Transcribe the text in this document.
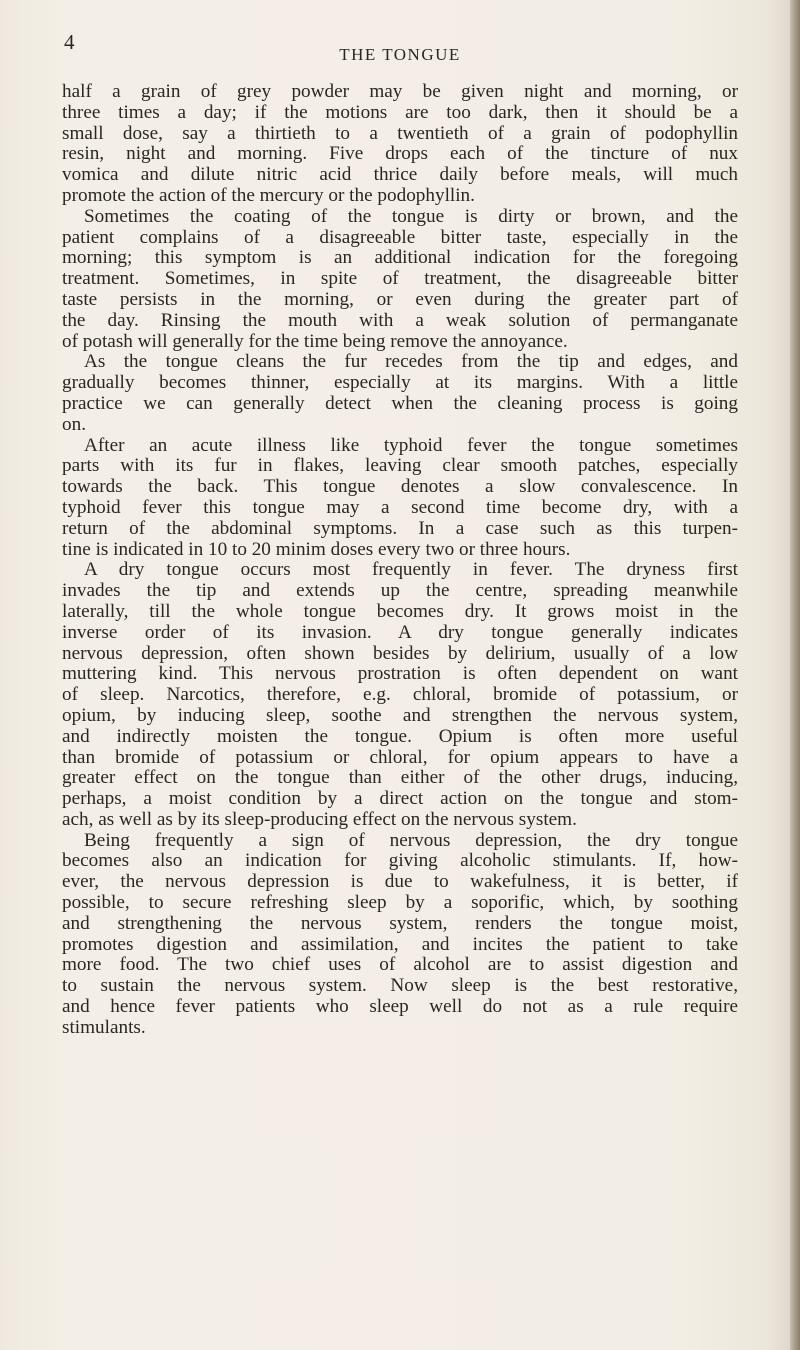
4
THE TONGUE
half a grain of grey powder may be given night and morning, or
three times a day; if the motions are too dark, then it should be a
small dose, say a thirtieth to a twentieth of a grain of podophyllin
resin, night and morning. Five drops each of the tincture of nux
vomica and dilute nitric acid thrice daily before meals, will much
promote the action of the mercury or the podophyllin.
Sometimes the coating of the tongue is dirty or brown, and the
patient complains of a disagreeable bitter taste, especially in the
morning; this symptom is an additional indication for the foregoing
treatment. Sometimes, in spite of treatment, the disagreeable bitter
taste persists in the morning, or even during the greater part of
the day. Rinsing the mouth with a weak solution of permanganate
of potash will generally for the time being remove the annoyance.
As the tongue cleans the fur recedes from the tip and edges, and
gradually becomes thinner, especially at its margins. With a little
practice we can generally detect when the cleaning process is going
on.
After an acute illness like typhoid fever the tongue sometimes
parts with its fur in flakes, leaving clear smooth patches, especially
towards the back. This tongue denotes a slow convalescence. In
typhoid fever this tongue may a second time become dry, with a
return of the abdominal symptoms. In a case such as this turpen-
tine is indicated in 10 to 20 minim doses every two or three hours.
A dry tongue occurs most frequently in fever. The dryness first
invades the tip and extends up the centre, spreading meanwhile
laterally, till the whole tongue becomes dry. It grows moist in the
inverse order of its invasion. A dry tongue generally indicates
nervous depression, often shown besides by delirium, usually of a low
muttering kind. This nervous prostration is often dependent on want
of sleep. Narcotics, therefore, e.g. chloral, bromide of potassium, or
opium, by inducing sleep, soothe and strengthen the nervous system,
and indirectly moisten the tongue. Opium is often more useful
than bromide of potassium or chloral, for opium appears to have a
greater effect on the tongue than either of the other drugs, inducing,
perhaps, a moist condition by a direct action on the tongue and stom-
ach, as well as by its sleep-producing effect on the nervous system.
Being frequently a sign of nervous depression, the dry tongue
becomes also an indication for giving alcoholic stimulants. If, how-
ever, the nervous depression is due to wakefulness, it is better, if
possible, to secure refreshing sleep by a soporific, which, by soothing
and strengthening the nervous system, renders the tongue moist,
promotes digestion and assimilation, and incites the patient to take
more food. The two chief uses of alcohol are to assist digestion and
to sustain the nervous system. Now sleep is the best restorative,
and hence fever patients who sleep well do not as a rule require
stimulants.
